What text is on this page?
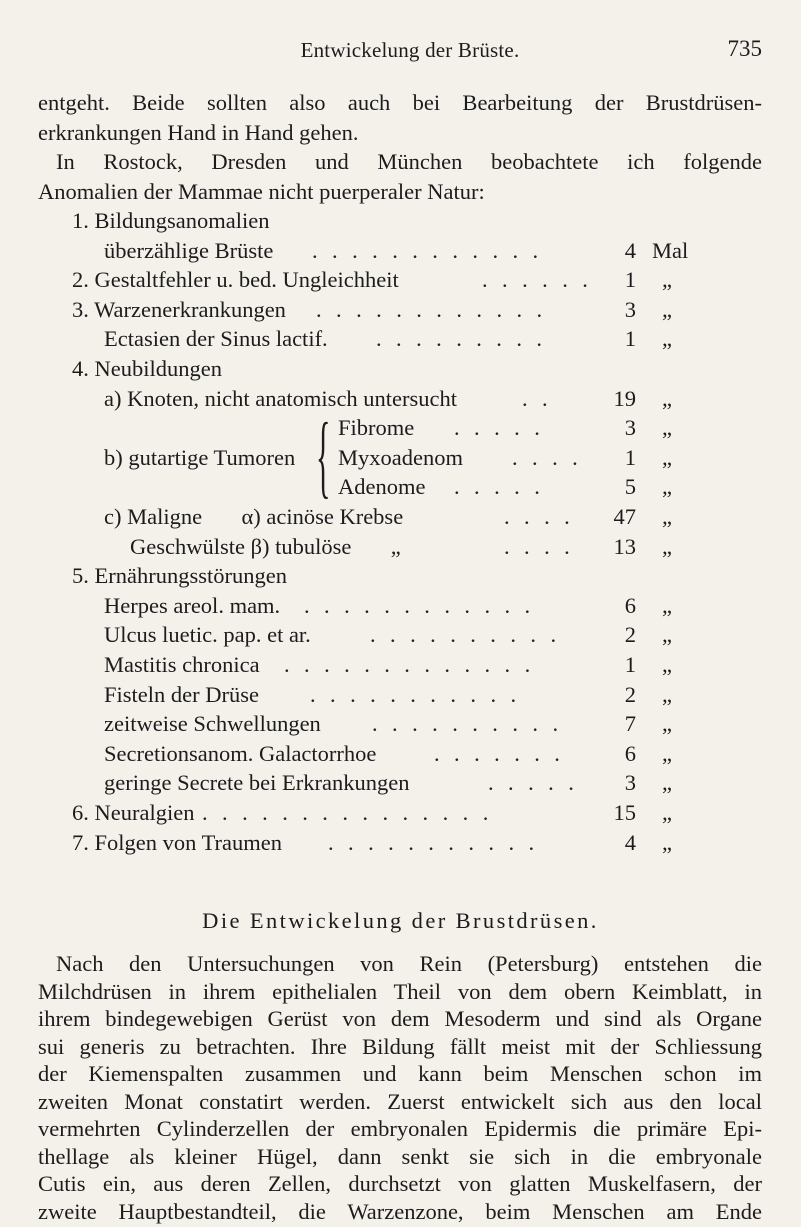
Entwickelung der Brüste.	735
entgeht. Beide sollten also auch bei Bearbeitung der Brustdrüsen-
erkrankungen Hand in Hand gehen.
In Rostock, Dresden und München beobachtete ich folgende
Anomalien der Mammae nicht puerperaler Natur:
1. Bildungsanomalien
überzählige Brüste . . . . . . . . . . . .	4 Mal
2. Gestaltfehler u. bed. Ungleichheit	. . . . . .	1 „
3. Warzenerkrankungen . . . . . . . . . . . .	3 „
Ectasien der Sinus lactif. . . . . . . . . .	1 „
4. Neubildungen
a) Knoten, nicht anatomisch untersucht	. .	19 „
b) gutartige Tumoren { Fibrome . . . . .	3 „
Myxoadenom . . . .	1 „
Adenome . . . . .	5 „
c) Maligne       α) acinöse Krebse	. . . .	47 „
Geschwülste β) tubulöse       „	. . . .	13 „
5. Ernährungsstörungen
Herpes areol. mam. . . . . . . . . . . . .	6 „
Ulcus luetic. pap. et ar.	. . . . . . . . . .	2 „
Mastitis chronica . . . . . . . . . . . . .	1 „
Fisteln der Drüse . . . . . . . . . . .	2 „
zeitweise Schwellungen . . . . . . . . . .	7 „
Secretionsanom. Galactorrhoe	. . . . . . .	6 „
geringe Secrete bei Erkrankungen	. . . . .	3 „
6. Neuralgien . . . . . . . . . . . . . . .	15 „
7. Folgen von Traumen . . . . . . . . . . .	4 „
Die Entwickelung der Brustdrüsen.
Nach den Untersuchungen von Rein (Petersburg) entstehen die
Milchdrüsen in ihrem epithelialen Theil von dem obern Keimblatt, in
ihrem bindegewebigen Gerüst von dem Mesoderm und sind als Organe
sui generis zu betrachten. Ihre Bildung fällt meist mit der Schliessung
der Kiemenspalten zusammen und kann beim Menschen schon im
zweiten Monat constatirt werden. Zuerst entwickelt sich aus den local
vermehrten Cylinderzellen der embryonalen Epidermis die primäre Epi-
thellage als kleiner Hügel, dann senkt sie sich in die embryonale
Cutis ein, aus deren Zellen, durchsetzt von glatten Muskelfasern, der
zweite Hauptbestandteil, die Warzenzone, beim Menschen am Ende
